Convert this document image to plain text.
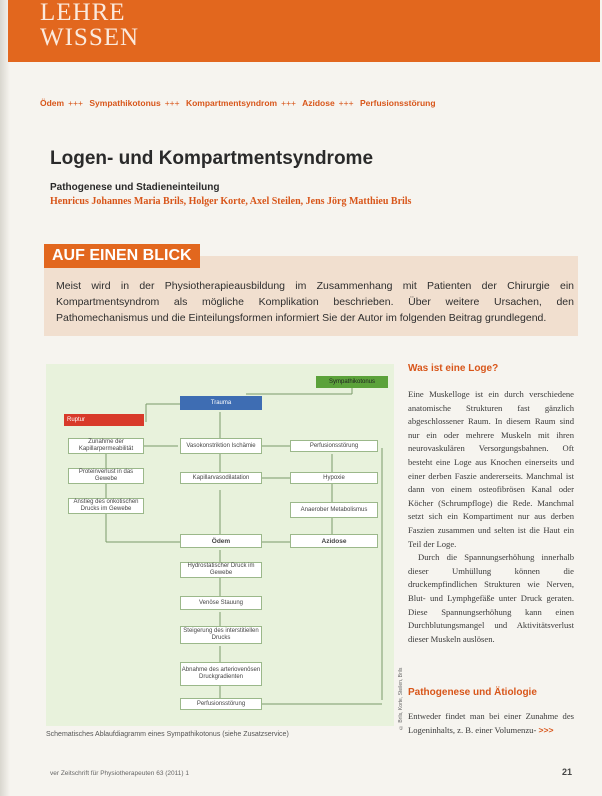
LEHRE
WISSEN
Ödem +++ Sympathikotonus +++ Kompartmentsyndrom +++ Azidose +++ Perfusionsstörung
Logen- und Kompartmentsyndrome
Pathogenese und Stadieneinteilung
Henricus Johannes Maria Brils, Holger Korte, Axel Steilen, Jens Jörg Matthieu Brils
AUF EINEN BLICK
Meist wird in der Physiotherapieausbildung im Zusammenhang mit Patienten der Chirurgie ein Kompartmentsyndrom als mögliche Komplikation beschrieben. Über weitere Ursachen, den Pathomechanismus und die Einteilungsformen informiert Sie der Autor im folgenden Beitrag grundlegend.
Sympathikotonus
Trauma
Ruptur
Zunahme der Kapillarpermeabilität
Vasokonstriktion Ischämie	Perfusionsstörung
Proteinverlust in das Gewebe	Kapillarvasodilatation	Hypoxie
Anstieg des onkotischen Drucks im Gewebe	Anaerober Metabolismus
Ödem	Azidose
Hydrostatischer Druck im Gewebe
Venöse Stauung
Steigerung des interstitiellen Drucks
Abnahme des arteriovenösen Druckgradienten
Perfusionsstörung	© Brils, Korte, Steilen, Brils
Schematisches Ablaufdiagramm eines Sympathikotonus (siehe Zusatzservice)
Was ist eine Loge?
Eine Muskelloge ist ein durch verschiedene anatomische Strukturen fast gänzlich abgeschlossener Raum. In diesem Raum sind nur ein oder mehrere Muskeln mit ihren neurovaskulären Versorgungsbahnen. Oft besteht eine Loge aus Knochen einerseits und einer derben Faszie andererseits. Manchmal ist dann von einem osteofibrösen Kanal oder Köcher (Schrumpfloge) die Rede. Manchmal setzt sich ein Kompartiment nur aus derben Faszien zusammen und selten ist die Haut ein Teil der Loge.
Durch die Spannungserhöhung innerhalb dieser Umhüllung können die druckempfindlichen Strukturen wie Nerven, Blut- und Lymphgefäße unter Druck geraten. Diese Spannungserhöhung kann einen Durchblutungsmangel und Aktivitätsverlust dieser Muskeln auslösen.
Pathogenese und Ätiologie
Entweder findet man bei einer Zunahme des Logeninhalts, z. B. einer Volumenzu- >>>
ver Zeitschrift für Physiotherapeuten 63 (2011) 1	21
